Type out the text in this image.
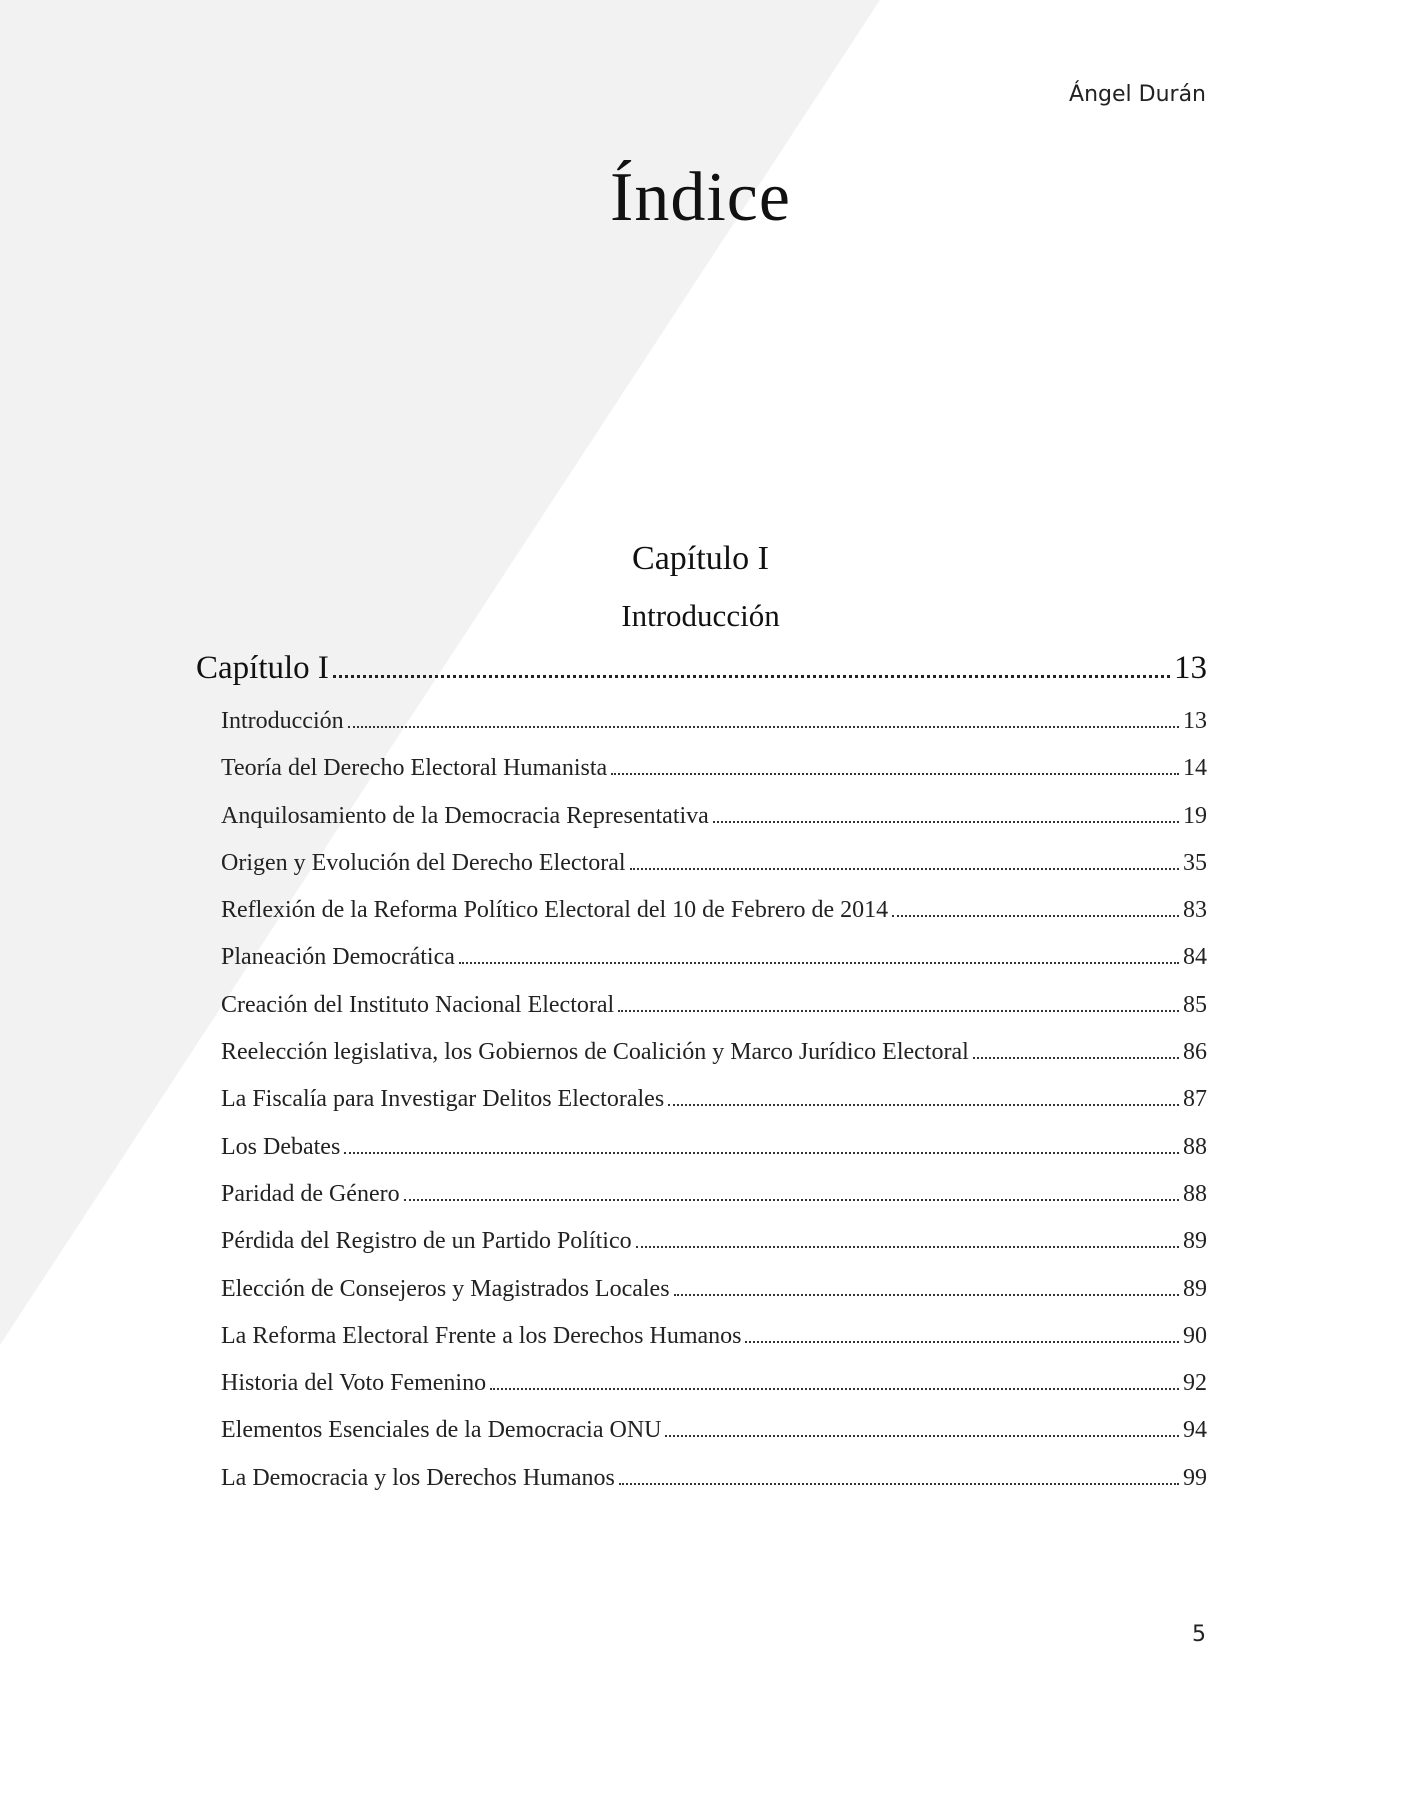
Ángel Durán
Índice
Capítulo I
Introducción
Capítulo I	13
Introducción	13
Teoría del Derecho Electoral Humanista	14
Anquilosamiento de la Democracia Representativa	19
Origen y Evolución del Derecho Electoral	35
Reflexión de la Reforma Político Electoral del 10 de Febrero de 2014	83
Planeación Democrática	84
Creación del Instituto Nacional Electoral	85
Reelección legislativa, los Gobiernos de Coalición y Marco Jurídico Electoral	86
La Fiscalía para Investigar Delitos Electorales	87
Los Debates	88
Paridad de Género	88
Pérdida del Registro de un Partido Político	89
Elección de Consejeros y Magistrados Locales	89
La Reforma Electoral Frente a los Derechos Humanos	90
Historia del Voto Femenino	92
Elementos Esenciales de la Democracia ONU	94
La Democracia y los Derechos Humanos	99
5
